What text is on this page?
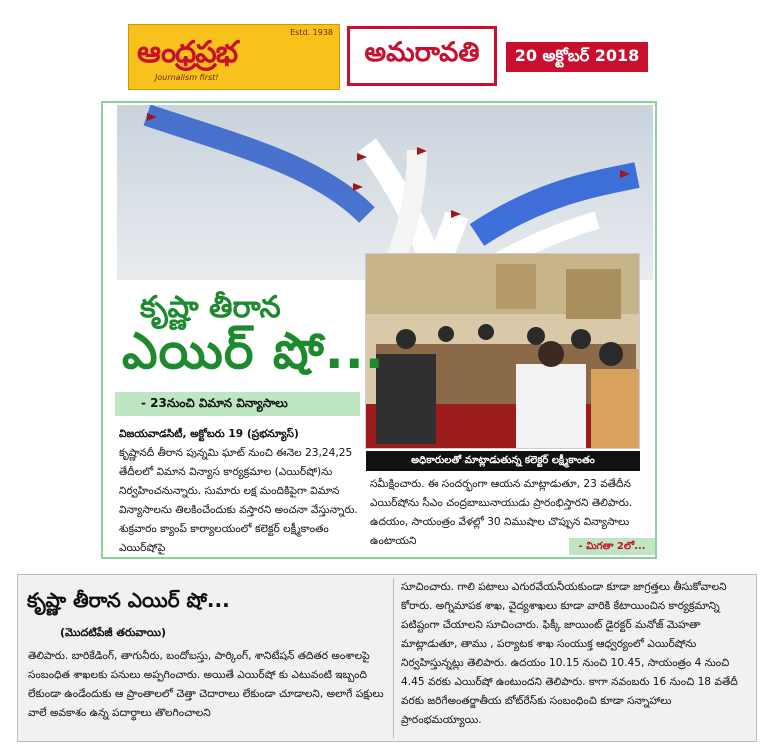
Estd. 1938
ఆంధ్రప్రభ
Journalism first!
అమరావతి	20 అక్టోబర్ 2018
అధికారులతో మాట్లాడుతున్న కలెక్టర్ లక్ష్మీకాంతం
కృష్ణా తీరాన
ఎయిర్ షో...
- 23నుంచి విమాన విన్యాసాలు
విజయవాడసిటీ, అక్టోబరు 19 (ప్రభన్యూస్)
కృష్ణానదీ తీరాన పున్నమి ఘాట్ నుంచి ఈనెల 23,24,25 తేదీలలో విమాన విన్యాస కార్యక్రమాల (ఎయిర్‌షో)ను నిర్వహించనున్నారు. సుమారు లక్ష మందికిపైగా విమాన విన్యాసాలను తిలకించేందుకు వస్తారని అంచనా వేస్తున్నారు. శుక్రవారం క్యాంప్ కార్యాలయంలో కలెక్టర్ లక్ష్మీకాంతం ఎయిర్‌షోపై
సమీక్షించారు. ఈ సందర్భంగా ఆయన మాట్లాడుతూ, 23 వతేదీన ఎయిర్‌షోను సీఎం చంద్రబాబునాయుడు ప్రారంభిస్తారని తెలిపారు. ఉదయం, సాయంత్రం వేళల్లో 30 నిముషాల చొప్పున విన్యాసాలు ఉంటాయని	- మిగతా 2లో...
కృష్ణా తీరాన ఎయిర్ షో...
(మొదటిపేజీ తరువాయి)
తెలిపారు. బారికేడింగ్, తాగునీరు, బందోబస్తు, పార్కింగ్, శానిటేషన్ తదితర అంశాలపై సంబంధిత శాఖలకు పనులు అప్పగించారు. అయితే ఎయిర్‌షో కు ఎటువంటి ఇబ్బంది లేకుండా ఉండేందుకు ఆ ప్రాంతాలలో చెత్తా చెదారాలు లేకుండా చూడాలని, అలాగే పక్షులు వాలే అవకాశం ఉన్న పదార్థాలు తొలగించాలని
సూచించారు. గాలి పటాలు ఎగురవేయనీయకుండా కూడా జాగ్రత్తలు తీసుకోవాలని కోరారు. అగ్నిమాపక శాఖ, వైద్యశాఖలు కూడా వారికి కేటాయించిన కార్యక్రమాన్ని పటిష్టంగా చేయాలని సూచించారు. ఫిక్కీ జాయింట్ డైరక్టర్ మనోజ్ మెహతా మాట్లాడుతూ, తాము , పర్యాటక శాఖ సంయుక్త ఆధ్వర్యంలో ఎయిర్‌షోను నిర్వహిస్తున్నట్లు తెలిపారు. ఉదయం 10.15 నుంచి 10.45, సాయంత్రం 4 నుంచి 4.45 వరకు ఎయిర్‌షో ఉంటుందని తెలిపారు. కాగా నవంబరు 16 నుంచి 18 వతేదీ వరకు జరిగేఅంతర్జాతీయ బోట్‌రేస్‌కు సంబంధించి కూడా సన్నాహాలు ప్రారంభమయ్యాయి.
